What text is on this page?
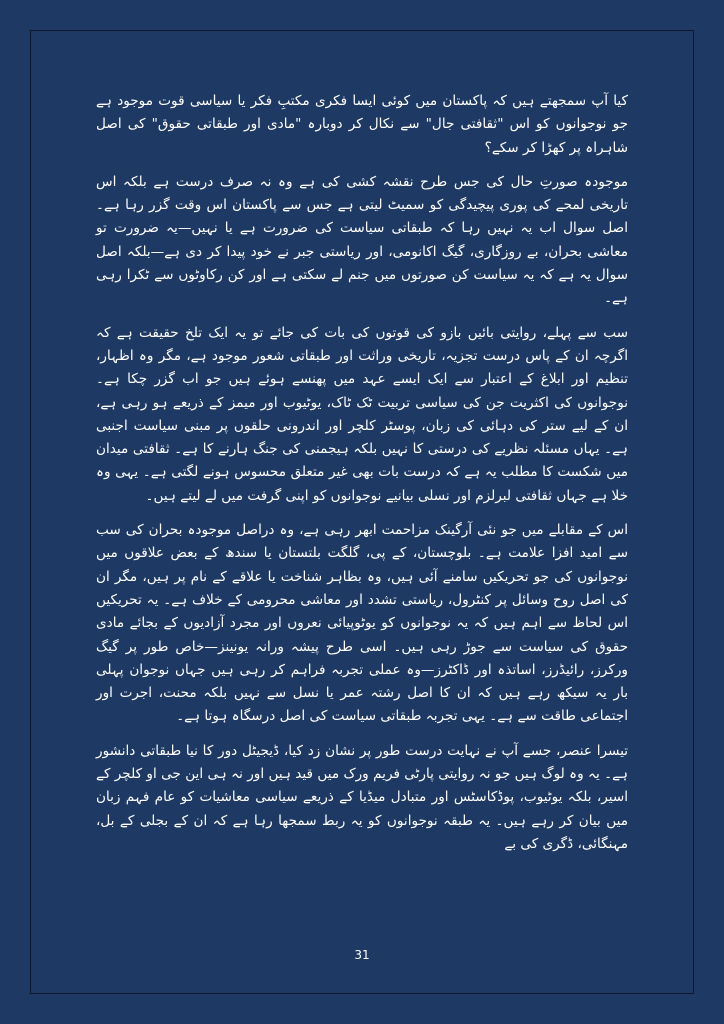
کیا آپ سمجھتے ہیں کہ پاکستان میں کوئی ایسا فکری مکتبِ فکر یا سیاسی قوت موجود ہے جو نوجوانوں کو اس "ثقافتی جال" سے نکال کر دوبارہ "مادی اور طبقاتی حقوق" کی اصل شاہراہ پر کھڑا کر سکے؟

موجودہ صورتِ حال کی جس طرح نقشہ کشی کی ہے وہ نہ صرف درست ہے بلکہ اس تاریخی لمحے کی پوری پیچیدگی کو سمیٹ لیتی ہے جس سے پاکستان اس وقت گزر رہا ہے۔ اصل سوال اب یہ نہیں رہا کہ طبقاتی سیاست کی ضرورت ہے یا نہیں—یہ ضرورت تو معاشی بحران، بے روزگاری، گیگ اکانومی، اور ریاستی جبر نے خود پیدا کر دی ہے—بلکہ اصل سوال یہ ہے کہ یہ سیاست کن صورتوں میں جنم لے سکتی ہے اور کن رکاوٹوں سے ٹکرا رہی ہے۔

سب سے پہلے، روایتی بائیں بازو کی قوتوں کی بات کی جائے تو یہ ایک تلخ حقیقت ہے کہ اگرچہ ان کے پاس درست تجزیہ، تاریخی وراثت اور طبقاتی شعور موجود ہے، مگر وہ اظہار، تنظیم اور ابلاغ کے اعتبار سے ایک ایسے عہد میں پھنسے ہوئے ہیں جو اب گزر چکا ہے۔ نوجوانوں کی اکثریت جن کی سیاسی تربیت ٹک ٹاک، یوٹیوب اور میمز کے ذریعے ہو رہی ہے، ان کے لیے ستر کی دہائی کی زبان، پوسٹر کلچر اور اندرونی حلقوں پر مبنی سیاست اجنبی ہے۔ یہاں مسئلہ نظریے کی درستی کا نہیں بلکہ ہیجمنی کی جنگ ہارنے کا ہے۔ ثقافتی میدان میں شکست کا مطلب یہ ہے کہ درست بات بھی غیر متعلق محسوس ہونے لگتی ہے۔ یہی وہ خلا ہے جہاں ثقافتی لبرلزم اور نسلی بیانیے نوجوانوں کو اپنی گرفت میں لے لیتے ہیں۔

اس کے مقابلے میں جو نئی آرگینک مزاحمت ابھر رہی ہے، وہ دراصل موجودہ بحران کی سب سے امید افزا علامت ہے۔ بلوچستان، کے پی، گلگت بلتستان یا سندھ کے بعض علاقوں میں نوجوانوں کی جو تحریکیں سامنے آئی ہیں، وہ بظاہر شناخت یا علاقے کے نام پر ہیں، مگر ان کی اصل روح وسائل پر کنٹرول، ریاستی تشدد اور معاشی محرومی کے خلاف ہے۔ یہ تحریکیں اس لحاظ سے اہم ہیں کہ یہ نوجوانوں کو یوٹوپیائی نعروں اور مجرد آزادیوں کے بجائے مادی حقوق کی سیاست سے جوڑ رہی ہیں۔ اسی طرح پیشہ ورانہ یونینز—خاص طور پر گیگ ورکرز، رائیڈرز، اساتذہ اور ڈاکٹرز—وہ عملی تجربہ فراہم کر رہی ہیں جہاں نوجوان پہلی بار یہ سیکھ رہے ہیں کہ ان کا اصل رشتہ عمر یا نسل سے نہیں بلکہ محنت، اجرت اور اجتماعی طاقت سے ہے۔ یہی تجربہ طبقاتی سیاست کی اصل درسگاہ ہوتا ہے۔

تیسرا عنصر، جسے آپ نے نہایت درست طور پر نشان زد کیا، ڈیجیٹل دور کا نیا طبقاتی دانشور ہے۔ یہ وہ لوگ ہیں جو نہ روایتی پارٹی فریم ورک میں قید ہیں اور نہ ہی این جی او کلچر کے اسیر، بلکہ یوٹیوب، پوڈکاسٹس اور متبادل میڈیا کے ذریعے سیاسی معاشیات کو عام فہم زبان میں بیان کر رہے ہیں۔ یہ طبقہ نوجوانوں کو یہ ربط سمجھا رہا ہے کہ ان کے بجلی کے بل، مہنگائی، ڈگری کی بے

31
